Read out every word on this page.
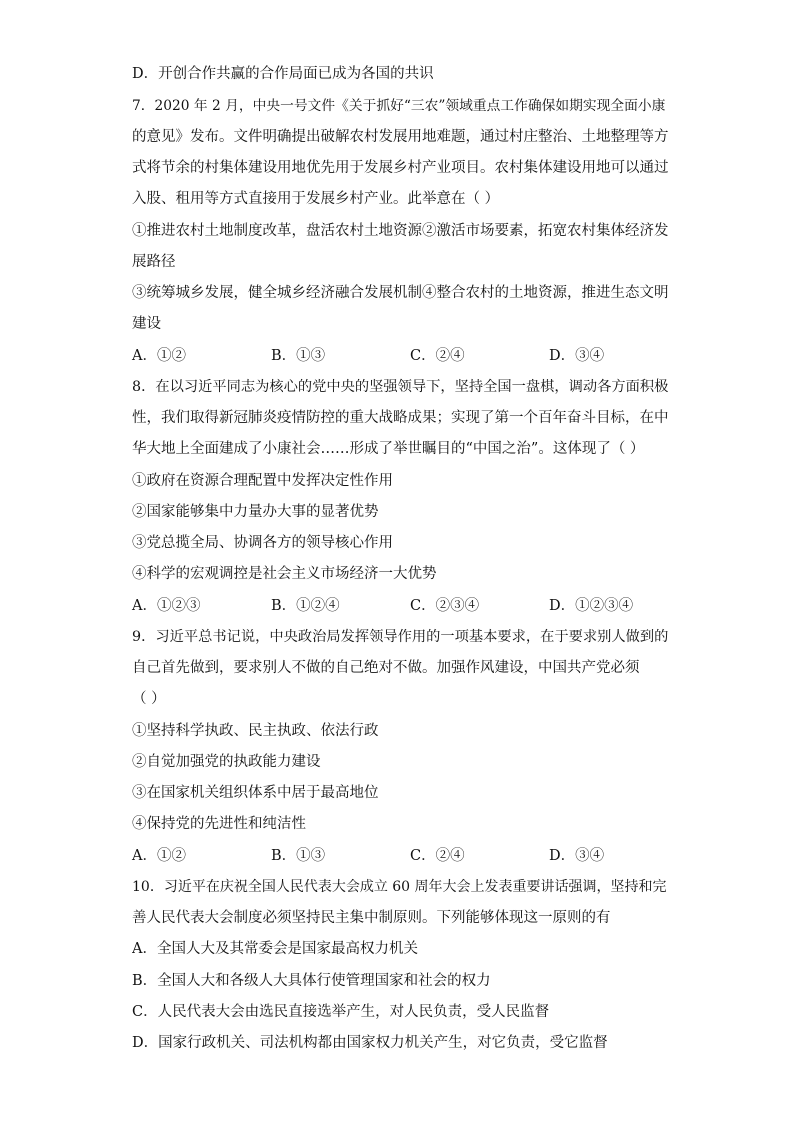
D．开创合作共赢的合作局面已成为各国的共识
7．2020 年 2 月，中央一号文件《关于抓好“三农”领域重点工作确保如期实现全面小康
的意见》发布。文件明确提出破解农村发展用地难题，通过村庄整治、土地整理等方
式将节余的村集体建设用地优先用于发展乡村产业项目。农村集体建设用地可以通过
入股、租用等方式直接用于发展乡村产业。此举意在（ ）
①推进农村土地制度改革，盘活农村土地资源②激活市场要素，拓宽农村集体经济发
展路径
③统筹城乡发展，健全城乡经济融合发展机制④整合农村的土地资源，推进生态文明
建设
A．①②	B．①③	C．②④	D．③④
8．在以习近平同志为核心的党中央的坚强领导下，坚持全国一盘棋，调动各方面积极
性，我们取得新冠肺炎疫情防控的重大战略成果；实现了第一个百年奋斗目标，在中
华大地上全面建成了小康社会……形成了举世瞩目的“中国之治”。这体现了（ ）
①政府在资源合理配置中发挥决定性作用
②国家能够集中力量办大事的显著优势
③党总揽全局、协调各方的领导核心作用
④科学的宏观调控是社会主义市场经济一大优势
A．①②③	B．①②④	C．②③④	D．①②③④
9．习近平总书记说，中央政治局发挥领导作用的一项基本要求，在于要求别人做到的
自己首先做到，要求别人不做的自己绝对不做。加强作风建设，中国共产党必须
（ ）
①坚持科学执政、民主执政、依法行政
②自觉加强党的执政能力建设
③在国家机关组织体系中居于最高地位
④保持党的先进性和纯洁性
A．①②	B．①③	C．②④	D．③④
10．习近平在庆祝全国人民代表大会成立 60 周年大会上发表重要讲话强调，坚持和完
善人民代表大会制度必须坚持民主集中制原则。下列能够体现这一原则的有
A．全国人大及其常委会是国家最高权力机关
B．全国人大和各级人大具体行使管理国家和社会的权力
C．人民代表大会由选民直接选举产生，对人民负责，受人民监督
D．国家行政机关、司法机构都由国家权力机关产生，对它负责，受它监督
